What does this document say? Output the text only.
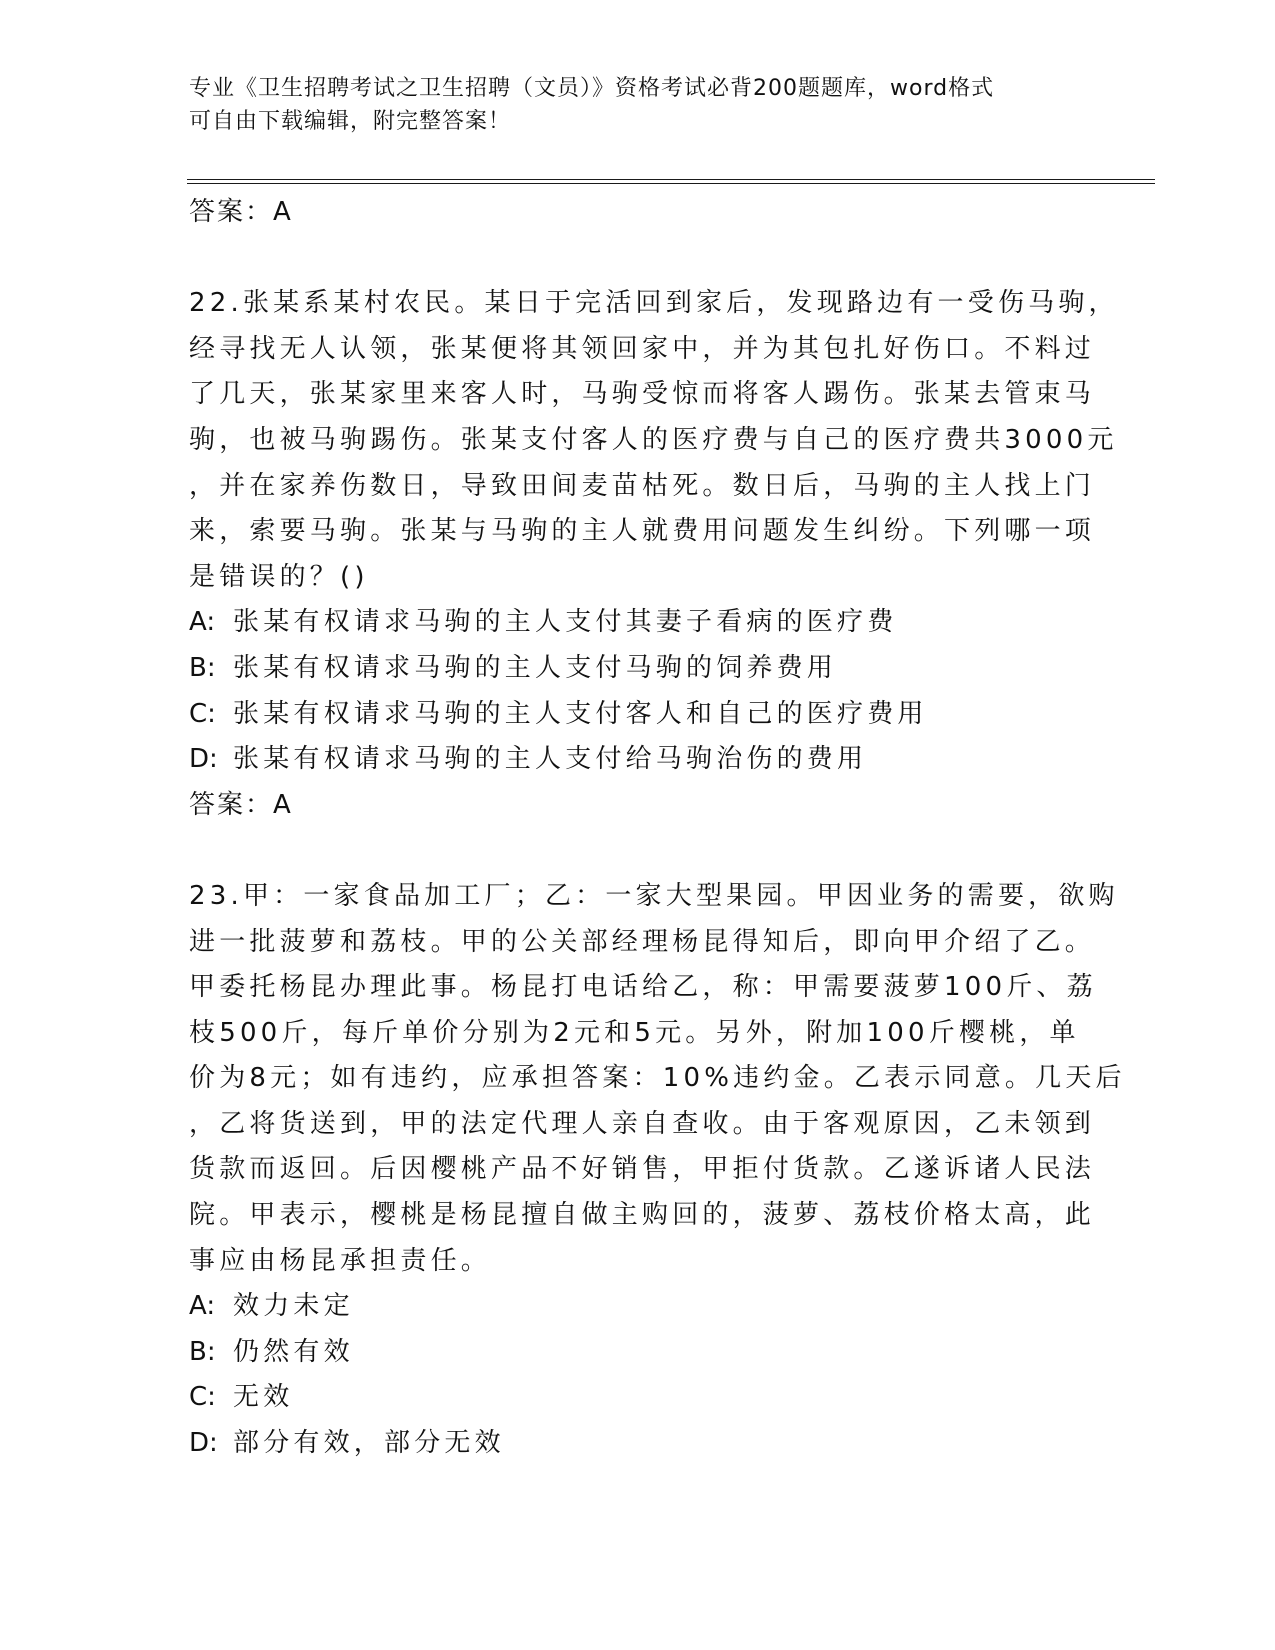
专业《卫生招聘考试之卫生招聘（文员）》资格考试必背200题题库，word格式
可自由下载编辑，附完整答案！
答案：A
22.张某系某村农民。某日于完活回到家后，发现路边有一受伤马驹，
经寻找无人认领，张某便将其领回家中，并为其包扎好伤口。不料过
了几天，张某家里来客人时，马驹受惊而将客人踢伤。张某去管束马
驹，也被马驹踢伤。张某支付客人的医疗费与自己的医疗费共3000元
，并在家养伤数日，导致田间麦苗枯死。数日后，马驹的主人找上门
来，索要马驹。张某与马驹的主人就费用问题发生纠纷。下列哪一项
是错误的？()
A: 张某有权请求马驹的主人支付其妻子看病的医疗费
B: 张某有权请求马驹的主人支付马驹的饲养费用
C: 张某有权请求马驹的主人支付客人和自己的医疗费用
D: 张某有权请求马驹的主人支付给马驹治伤的费用
答案：A
23.甲：一家食品加工厂；乙：一家大型果园。甲因业务的需要，欲购
进一批菠萝和荔枝。甲的公关部经理杨昆得知后，即向甲介绍了乙。
甲委托杨昆办理此事。杨昆打电话给乙，称：甲需要菠萝100斤、荔
枝500斤，每斤单价分别为2元和5元。另外，附加100斤樱桃，单
价为8元；如有违约，应承担答案：10%违约金。乙表示同意。几天后
，乙将货送到，甲的法定代理人亲自查收。由于客观原因，乙未领到
货款而返回。后因樱桃产品不好销售，甲拒付货款。乙遂诉诸人民法
院。甲表示，樱桃是杨昆擅自做主购回的，菠萝、荔枝价格太高，此
事应由杨昆承担责任。
A: 效力未定
B: 仍然有效
C: 无效
D: 部分有效，部分无效
